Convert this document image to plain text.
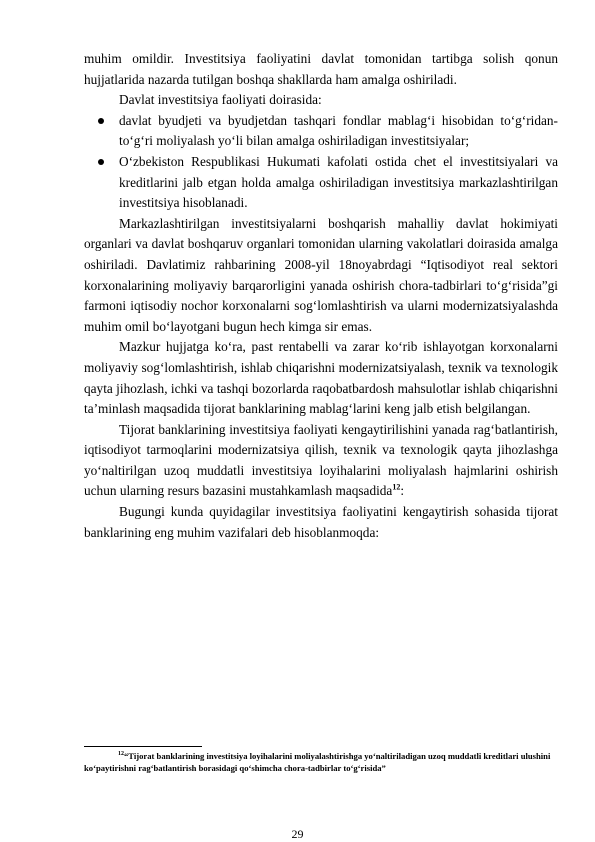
muhim omildir. Investitsiya faoliyatini davlat tomonidan tartibga solish qonun hujjatlarida nazarda tutilgan boshqa shakllarda ham amalga oshiriladi.

Davlat investitsiya faoliyati doirasida:

davlat byudjeti va byudjetdan tashqari fondlar mablag‘i hisobidan to‘g‘ridan-to‘g‘ri moliyalash yo‘li bilan amalga oshiriladigan investitsiyalar;

O‘zbekiston Respublikasi Hukumati kafolati ostida chet el investitsiyalari va kreditlarini jalb etgan holda amalga oshiriladigan investitsiya markazlashtirilgan investitsiya hisoblanadi.

Markazlashtirilgan investitsiyalarni boshqarish mahalliy davlat hokimiyati organlari va davlat boshqaruv organlari tomonidan ularning vakolatlari doirasida amalga oshiriladi. Davlatimiz rahbarining 2008-yil 18noyabrdagi “Iqtisodiyot real sektori korxonalarining moliyaviy barqarorligini yanada oshirish chora-tadbirlari to‘g‘risida”gi farmoni iqtisodiy nochor korxonalarni sog‘lomlashtirish va ularni modernizatsiyalashda muhim omil bo‘layotgani bugun hech kimga sir emas.

Mazkur hujjatga ko‘ra, past rentabelli va zarar ko‘rib ishlayotgan korxonalarni moliyaviy sog‘lomlashtirish, ishlab chiqarishni modernizatsiyalash, texnik va texnologik qayta jihozlash, ichki va tashqi bozorlarda raqobatbardosh mahsulotlar ishlab chiqarishni ta’minlash maqsadida tijorat banklarining mablag‘larini keng jalb etish belgilangan.

Tijorat banklarining investitsiya faoliyati kengaytirilishini yanada rag‘batlantirish, iqtisodiyot tarmoqlarini modernizatsiya qilish, texnik va texnologik qayta jihozlashga yo‘naltirilgan uzoq muddatli investitsiya loyihalarini moliyalash hajmlarini oshirish uchun ularning resurs bazasini mustahkamlash maqsadida$^{12}$:

Bugungi kunda quyidagilar investitsiya faoliyatini kengaytirish sohasida tijorat banklarining eng muhim vazifalari deb hisoblanmoqda:

$^{12}$“Tijorat banklarining investitsiya loyihalarini moliyalashtirishga yo‘naltiriladigan uzoq muddatli kreditlari ulushini ko‘paytirishni rag‘batlantirish borasidagi qo‘shimcha chora-tadbirlar to‘g‘risida”
29
